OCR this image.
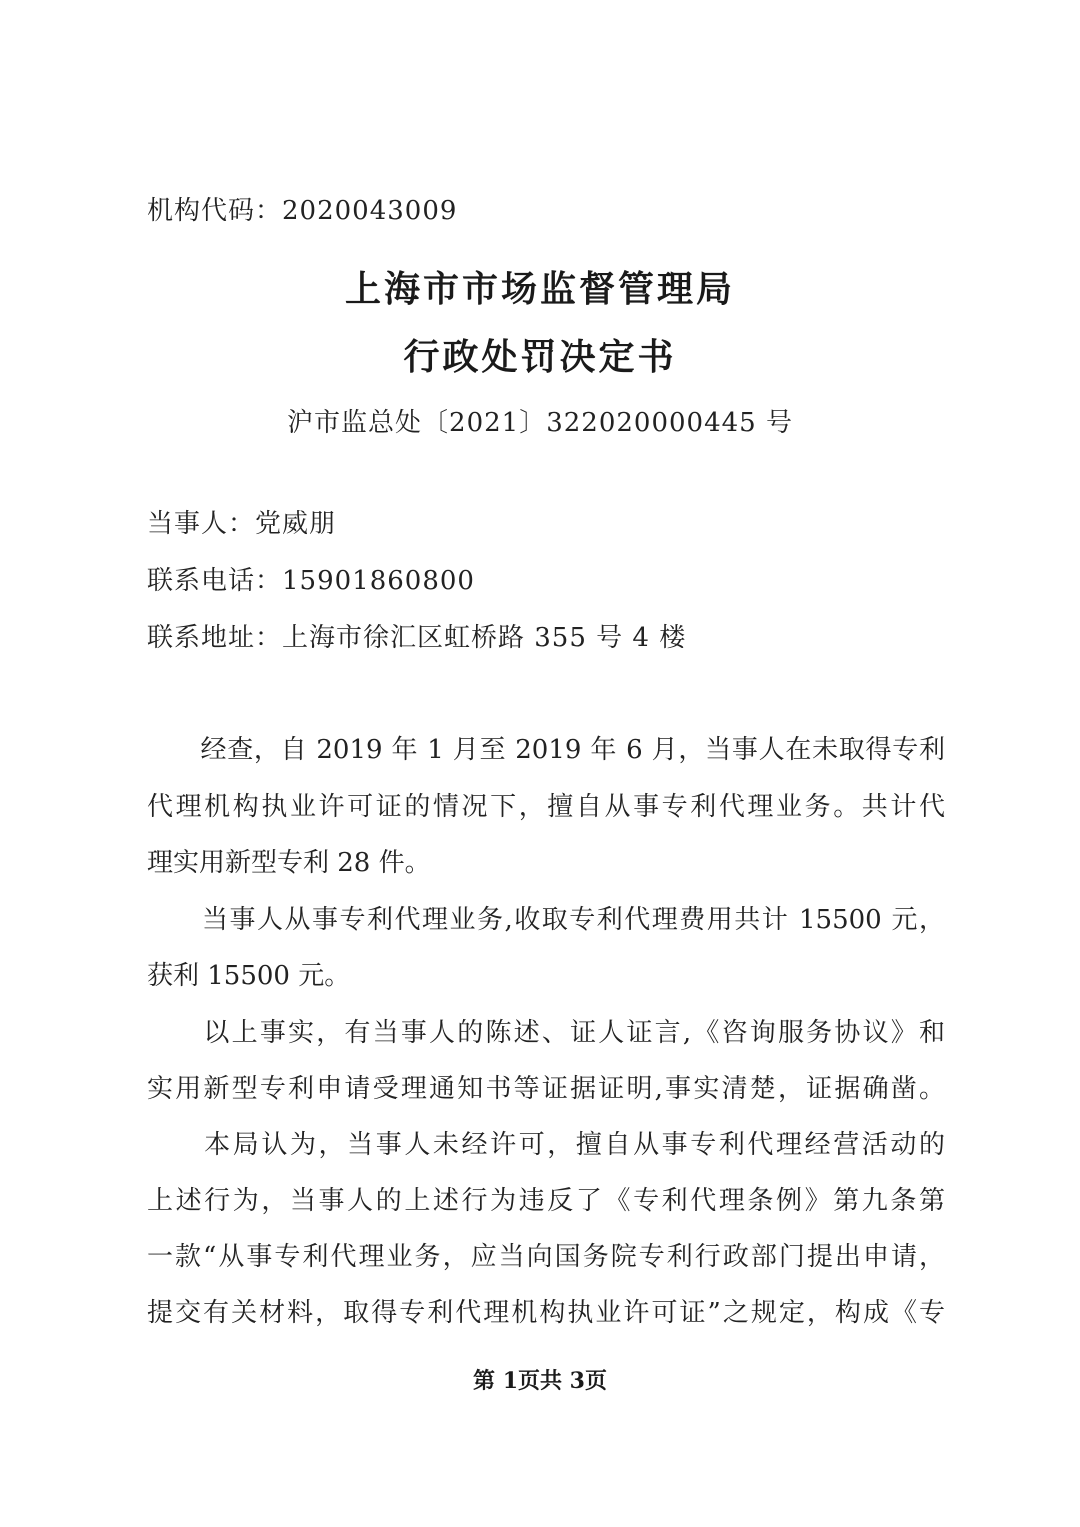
机构代码：2020043009
上海市市场监督管理局
行政处罚决定书
沪市监总处〔2021〕322020000445 号
当事人：党威朋
联系电话：15901860800
联系地址：上海市徐汇区虹桥路 355 号 4 楼
　　经查，自 2019 年 1 月至 2019 年 6 月，当事人在未取得专利
代理机构执业许可证的情况下，擅自从事专利代理业务。共计代
理实用新型专利 28 件。
　　当事人从事专利代理业务,收取专利代理费用共计 15500 元，
获利 15500 元。
　　以上事实，有当事人的陈述、证人证言,《咨询服务协议》和
实用新型专利申请受理通知书等证据证明,事实清楚，证据确凿。
　　本局认为，当事人未经许可，擅自从事专利代理经营活动的
上述行为，当事人的上述行为违反了《专利代理条例》第九条第
一款“从事专利代理业务，应当向国务院专利行政部门提出申请，
提交有关材料，取得专利代理机构执业许可证”之规定，构成《专
第 1页共 3页
